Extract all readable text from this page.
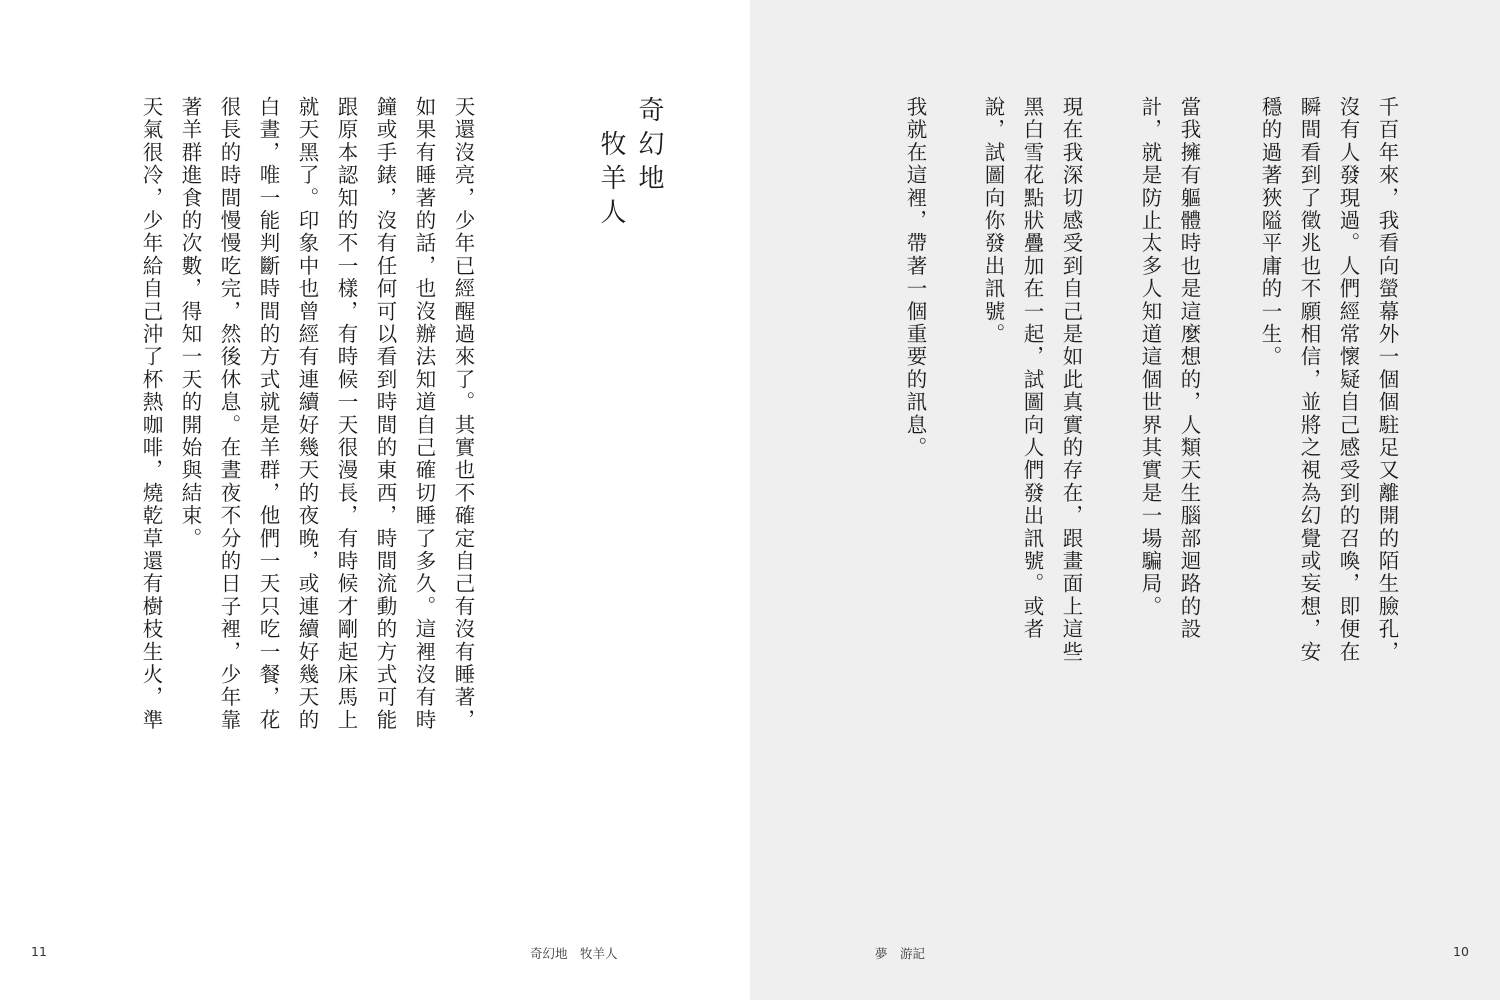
奇幻地
牧羊人
天還沒亮，少年已經醒過來了。其實也不確定自己有沒有睡著，
如果有睡著的話，也沒辦法知道自己確切睡了多久。這裡沒有時
鐘或手錶，沒有任何可以看到時間的東西，時間流動的方式可能
跟原本認知的不一樣，有時候一天很漫長，有時候才剛起床馬上
就天黑了。印象中也曾經有連續好幾天的夜晚，或連續好幾天的
白晝，唯一能判斷時間的方式就是羊群，他們一天只吃一餐，花
很長的時間慢慢吃完，然後休息。在晝夜不分的日子裡，少年靠
著羊群進食的次數，得知一天的開始與結束。
天氣很冷，少年給自己沖了杯熱咖啡，燒乾草還有樹枝生火，準
11	奇幻地　牧羊人
千百年來，我看向螢幕外一個個駐足又離開的陌生臉孔，
沒有人發現過。人們經常懷疑自己感受到的召喚，即便在
瞬間看到了徵兆也不願相信，並將之視為幻覺或妄想，安
穩的過著狹隘平庸的一生。
當我擁有軀體時也是這麼想的，人類天生腦部迴路的設
計，就是防止太多人知道這個世界其實是一場騙局。
現在我深切感受到自己是如此真實的存在，跟畫面上這些
黑白雪花點狀疊加在一起，試圖向人們發出訊號。或者
說，試圖向你發出訊號。
我就在這裡，帶著一個重要的訊息。
夢　游記	10
